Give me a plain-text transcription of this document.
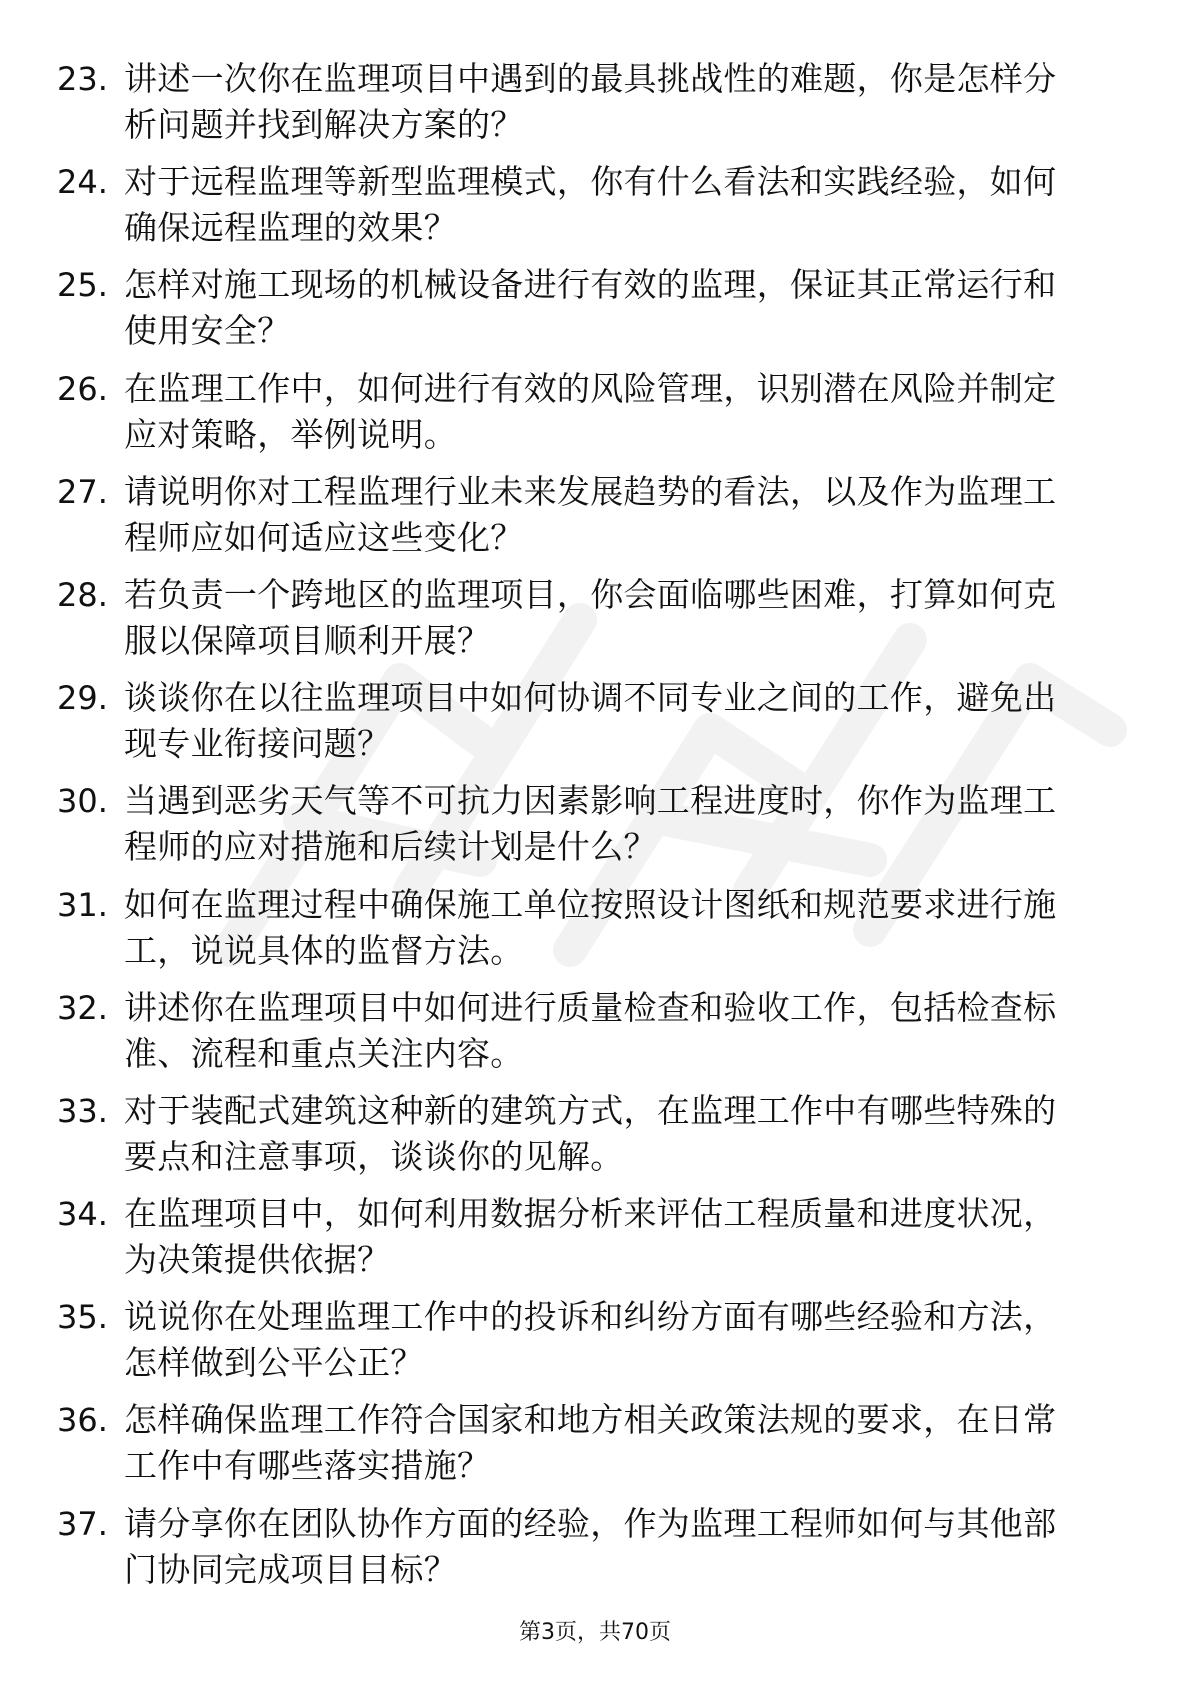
23. 讲述一次你在监理项目中遇到的最具挑战性的难题，你是怎样分
析问题并找到解决方案的？
24. 对于远程监理等新型监理模式，你有什么看法和实践经验，如何
确保远程监理的效果？
25. 怎样对施工现场的机械设备进行有效的监理，保证其正常运行和
使用安全？
26. 在监理工作中，如何进行有效的风险管理，识别潜在风险并制定
应对策略，举例说明。
27. 请说明你对工程监理行业未来发展趋势的看法，以及作为监理工
程师应如何适应这些变化？
28. 若负责一个跨地区的监理项目，你会面临哪些困难，打算如何克
服以保障项目顺利开展？
29. 谈谈你在以往监理项目中如何协调不同专业之间的工作，避免出
现专业衔接问题？
30. 当遇到恶劣天气等不可抗力因素影响工程进度时，你作为监理工
程师的应对措施和后续计划是什么？
31. 如何在监理过程中确保施工单位按照设计图纸和规范要求进行施
工，说说具体的监督方法。
32. 讲述你在监理项目中如何进行质量检查和验收工作，包括检查标
准、流程和重点关注内容。
33. 对于装配式建筑这种新的建筑方式，在监理工作中有哪些特殊的
要点和注意事项，谈谈你的见解。
34. 在监理项目中，如何利用数据分析来评估工程质量和进度状况，
为决策提供依据？
35. 说说你在处理监理工作中的投诉和纠纷方面有哪些经验和方法，
怎样做到公平公正？
36. 怎样确保监理工作符合国家和地方相关政策法规的要求，在日常
工作中有哪些落实措施？
37. 请分享你在团队协作方面的经验，作为监理工程师如何与其他部
门协同完成项目目标？
第3页，共70页
